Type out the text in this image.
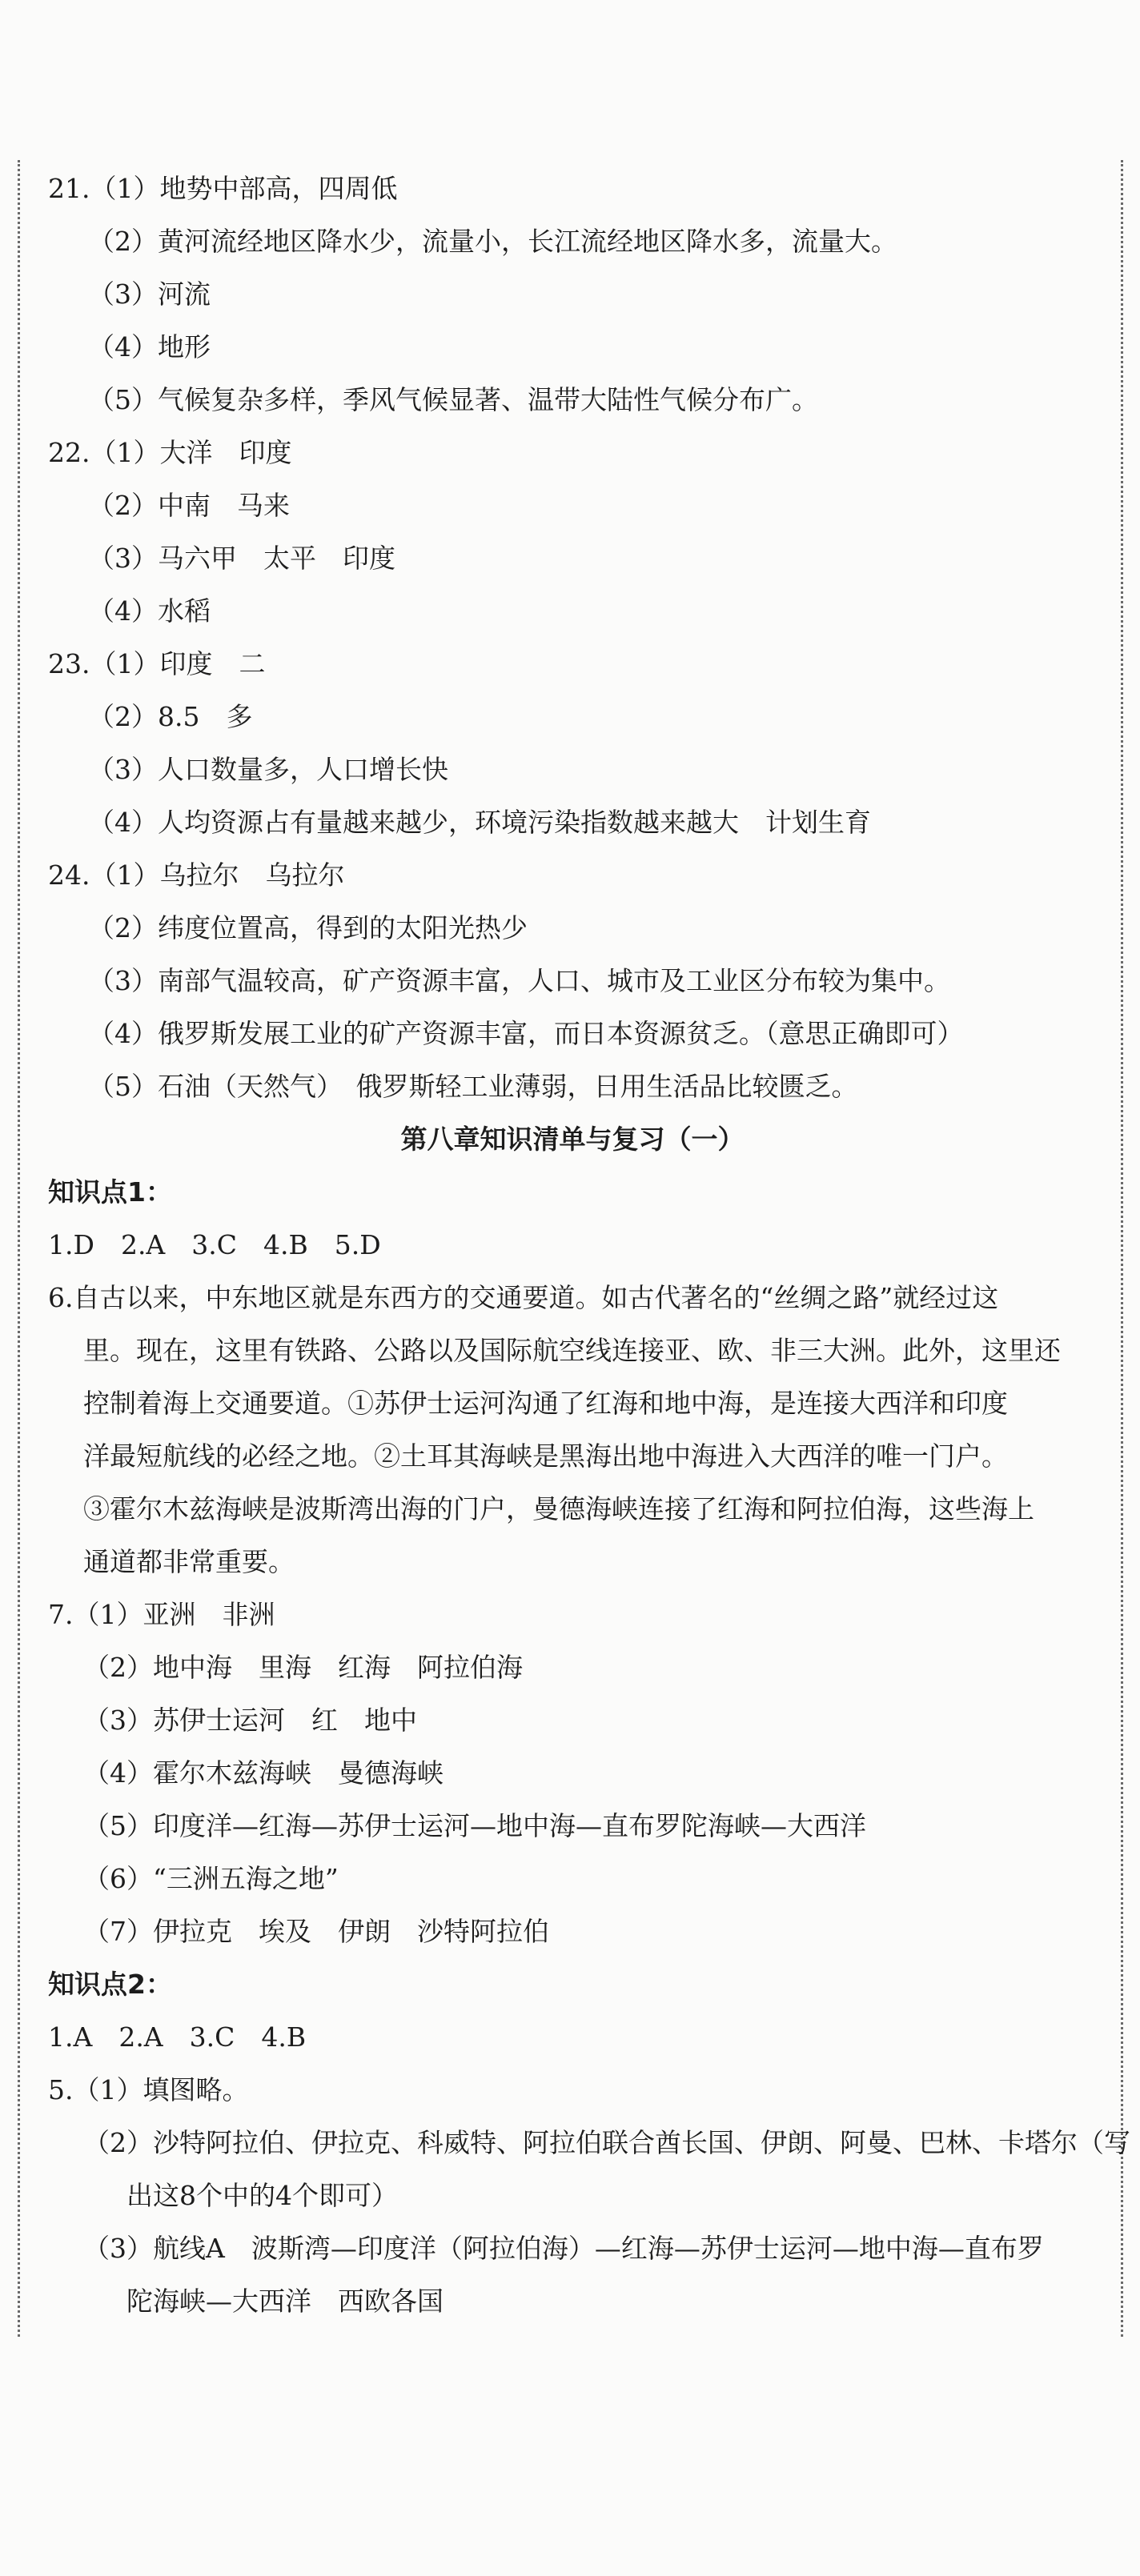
21.（1）地势中部高，四周低
（2）黄河流经地区降水少，流量小，长江流经地区降水多，流量大。
（3）河流
（4）地形
（5）气候复杂多样，季风气候显著、温带大陆性气候分布广。
22.（1）大洋　印度
（2）中南　马来
（3）马六甲　太平　印度
（4）水稻
23.（1）印度　二
（2）8.5　多
（3）人口数量多，人口增长快
（4）人均资源占有量越来越少，环境污染指数越来越大　计划生育
24.（1）乌拉尔　乌拉尔
（2）纬度位置高，得到的太阳光热少
（3）南部气温较高，矿产资源丰富，人口、城市及工业区分布较为集中。
（4）俄罗斯发展工业的矿产资源丰富，而日本资源贫乏。（意思正确即可）
（5）石油（天然气）　俄罗斯轻工业薄弱，日用生活品比较匮乏。
第八章知识清单与复习（一）
知识点1：
1.D　2.A　3.C　4.B　5.D
6.自古以来，中东地区就是东西方的交通要道。如古代著名的“丝绸之路”就经过这
里。现在，这里有铁路、公路以及国际航空线连接亚、欧、非三大洲。此外，这里还
控制着海上交通要道。①苏伊士运河沟通了红海和地中海，是连接大西洋和印度
洋最短航线的必经之地。②土耳其海峡是黑海出地中海进入大西洋的唯一门户。
③霍尔木兹海峡是波斯湾出海的门户，曼德海峡连接了红海和阿拉伯海，这些海上
通道都非常重要。
7.（1）亚洲　非洲
（2）地中海　里海　红海　阿拉伯海
（3）苏伊士运河　红　地中
（4）霍尔木兹海峡　曼德海峡
（5）印度洋—红海—苏伊士运河—地中海—直布罗陀海峡—大西洋
（6）“三洲五海之地”
（7）伊拉克　埃及　伊朗　沙特阿拉伯
知识点2：
1.A　2.A　3.C　4.B
5.（1）填图略。
（2）沙特阿拉伯、伊拉克、科威特、阿拉伯联合酋长国、伊朗、阿曼、巴林、卡塔尔（写
出这8个中的4个即可）
（3）航线A　波斯湾—印度洋（阿拉伯海）—红海—苏伊士运河—地中海—直布罗
陀海峡—大西洋　西欧各国
